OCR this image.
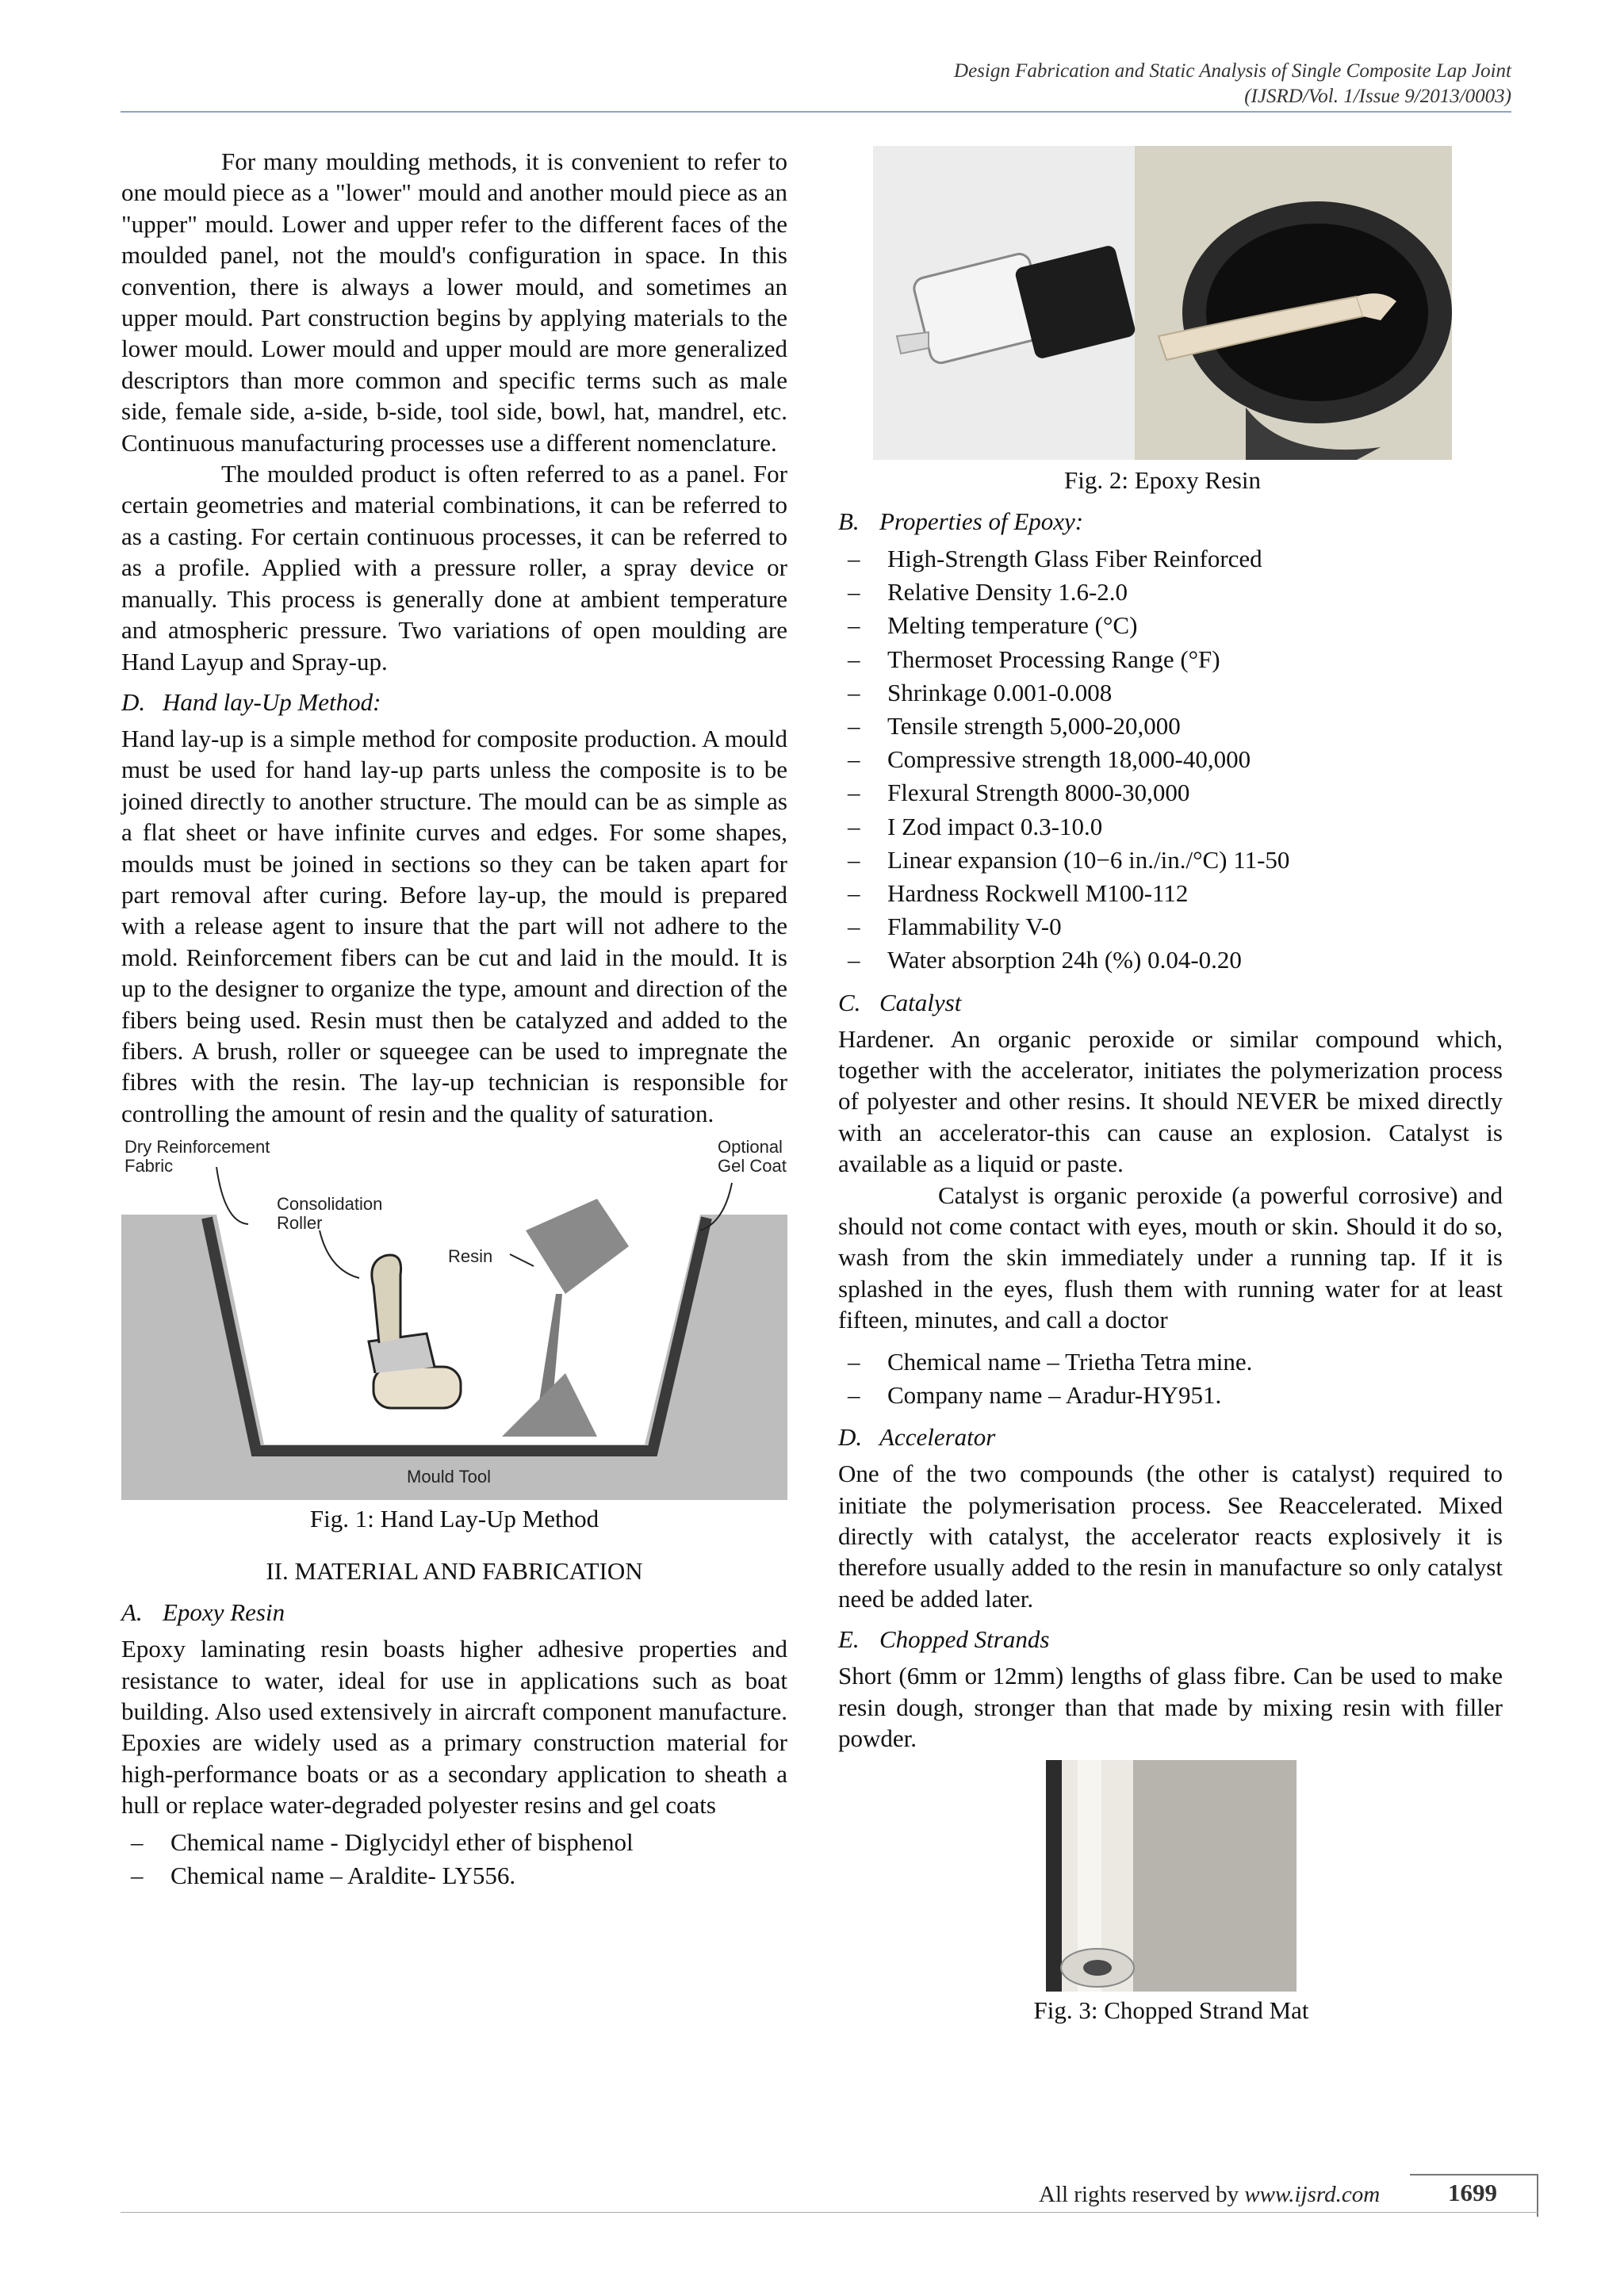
Design Fabrication and Static Analysis of Single Composite Lap Joint
(IJSRD/Vol. 1/Issue 9/2013/0003)

For many moulding methods, it is convenient to refer to one mould piece as a "lower" mould and another mould piece as an "upper" mould. Lower and upper refer to the different faces of the moulded panel, not the mould's configuration in space. In this convention, there is always a lower mould, and sometimes an upper mould. Part construction begins by applying materials to the lower mould. Lower mould and upper mould are more generalized descriptors than more common and specific terms such as male side, female side, a-side, b-side, tool side, bowl, hat, mandrel, etc. Continuous manufacturing processes use a different nomenclature.

The moulded product is often referred to as a panel. For certain geometries and material combinations, it can be referred to as a casting. For certain continuous processes, it can be referred to as a profile. Applied with a pressure roller, a spray device or manually. This process is generally done at ambient temperature and atmospheric pressure. Two variations of open moulding are Hand Layup and Spray-up.

D. Hand lay-Up Method:

Hand lay-up is a simple method for composite production. A mould must be used for hand lay-up parts unless the composite is to be joined directly to another structure. The mould can be as simple as a flat sheet or have infinite curves and edges. For some shapes, moulds must be joined in sections so they can be taken apart for part removal after curing. Before lay-up, the mould is prepared with a release agent to insure that the part will not adhere to the mold. Reinforcement fibers can be cut and laid in the mould. It is up to the designer to organize the type, amount and direction of the fibers being used. Resin must then be catalyzed and added to the fibers. A brush, roller or squeegee can be used to impregnate the fibres with the resin. The lay-up technician is responsible for controlling the amount of resin and the quality of saturation.

Dry Reinforcement
Fabric
Consolidation
Roller
Resin
Optional
Gel Coat
Mould Tool
Fig. 1: Hand Lay-Up Method
II. MATERIAL AND FABRICATION
A. Epoxy Resin

Epoxy laminating resin boasts higher adhesive properties and resistance to water, ideal for use in applications such as boat building. Also used extensively in aircraft component manufacture. Epoxies are widely used as a primary construction material for high-performance boats or as a secondary application to sheath a hull or replace water-degraded polyester resins and gel coats

– Chemical name - Diglycidyl ether of bisphenol
– Chemical name – Araldite- LY556.
Fig. 2: Epoxy Resin
B. Properties of Epoxy:
– High-Strength Glass Fiber Reinforced
– Relative Density 1.6-2.0
– Melting temperature (°C)
– Thermoset Processing Range (°F)
– Shrinkage 0.001-0.008
– Tensile strength 5,000-20,000
– Compressive strength 18,000-40,000
– Flexural Strength 8000-30,000
– I Zod impact 0.3-10.0
– Linear expansion (10−6 in./in./°C) 11-50
– Hardness Rockwell M100-112
– Flammability V-0
– Water absorption 24h (%) 0.04-0.20
C. Catalyst

Hardener. An organic peroxide or similar compound which, together with the accelerator, initiates the polymerization process of polyester and other resins. It should NEVER be mixed directly with an accelerator-this can cause an explosion. Catalyst is available as a liquid or paste.

Catalyst is organic peroxide (a powerful corrosive) and should not come contact with eyes, mouth or skin. Should it do so, wash from the skin immediately under a running tap. If it is splashed in the eyes, flush them with running water for at least fifteen, minutes, and call a doctor

– Chemical name – Trietha Tetra mine.
– Company name – Aradur-HY951.
D. Accelerator

One of the two compounds (the other is catalyst) required to initiate the polymerisation process. See Reaccelerated. Mixed directly with catalyst, the accelerator reacts explosively it is therefore usually added to the resin in manufacture so only catalyst need be added later.

E. Chopped Strands

Short (6mm or 12mm) lengths of glass fibre. Can be used to make resin dough, stronger than that made by mixing resin with filler powder.

Fig. 3: Chopped Strand Mat
All rights reserved by www.ijsrd.com	1699
